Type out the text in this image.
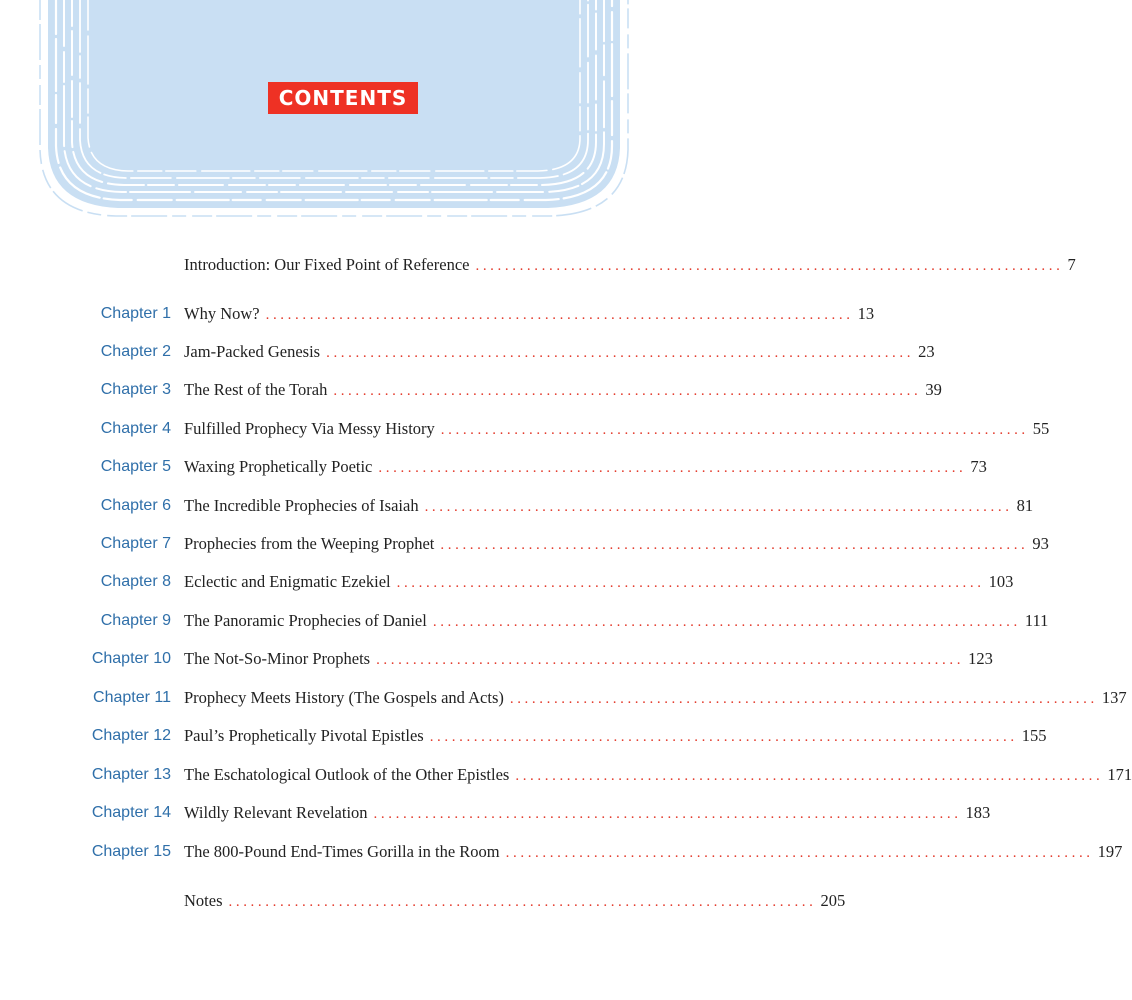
CONTENTS
Introduction: Our Fixed Point of Reference ................................................................................ 7
Chapter 1 Why Now? ................................................................................ 13
Chapter 2 Jam-Packed Genesis ................................................................................ 23
Chapter 3 The Rest of the Torah ................................................................................ 39
Chapter 4 Fulfilled Prophecy Via Messy History ................................................................................ 55
Chapter 5 Waxing Prophetically Poetic ................................................................................ 73
Chapter 6 The Incredible Prophecies of Isaiah ................................................................................ 81
Chapter 7 Prophecies from the Weeping Prophet ................................................................................ 93
Chapter 8 Eclectic and Enigmatic Ezekiel ................................................................................ 103
Chapter 9 The Panoramic Prophecies of Daniel ................................................................................ 111
Chapter 10 The Not-So-Minor Prophets ................................................................................ 123
Chapter 11 Prophecy Meets History (The Gospels and Acts) ................................................................................ 137
Chapter 12 Paul’s Prophetically Pivotal Epistles ................................................................................ 155
Chapter 13 The Eschatological Outlook of the Other Epistles ................................................................................ 171
Chapter 14 Wildly Relevant Revelation ................................................................................ 183
Chapter 15 The 800-Pound End-Times Gorilla in the Room ................................................................................ 197
Notes ................................................................................ 205
